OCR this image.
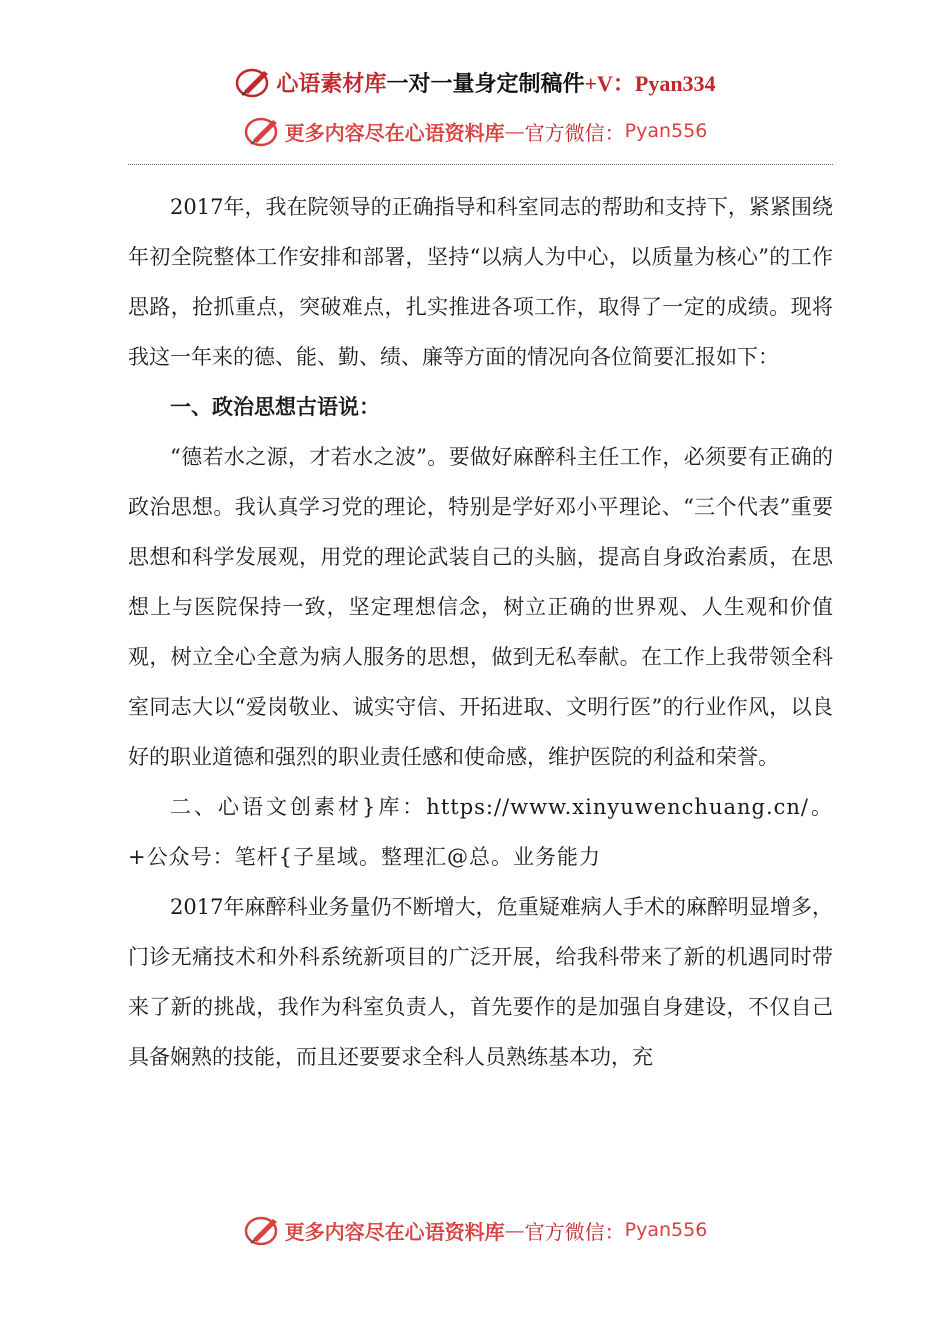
心语素材库 一对一量身定制稿件 +V：Pyan334
更多内容尽在心语资料库 — 官方微信： Pyan556

2017年，我在院领导的正确指导和科室同志的帮助和支持下，紧紧围绕年初全院整体工作安排和部署，坚持“以病人为中心，以质量为核心”的工作思路，抢抓重点，突破难点，扎实推进各项工作，取得了一定的成绩。现将我这一年来的德、能、勤、绩、廉等方面的情况向各位简要汇报如下：

一、政治思想古语说：

“德若水之源，才若水之波”。要做好麻醉科主任工作，必须要有正确的政治思想。我认真学习党的理论，特别是学好邓小平理论、“三个代表”重要思想和科学发展观，用党的理论武装自己的头脑，提高自身政治素质，在思想上与医院保持一致，坚定理想信念，树立正确的世界观、人生观和价值观，树立全心全意为病人服务的思想，做到无私奉献。在工作上我带领全科室同志大以“爱岗敬业、诚实守信、开拓进取、文明行医”的行业作风，以良好的职业道德和强烈的职业责任感和使命感，维护医院的利益和荣誉。

二、心语文创素材}库：https://www.xinyuwenchuang.cn/。+公众号：笔杆{子星域。整理汇@总。业务能力

2017年麻醉科业务量仍不断增大，危重疑难病人手术的麻醉明显增多，门诊无痛技术和外科系统新项目的广泛开展，给我科带来了新的机遇同时带来了新的挑战，我作为科室负责人，首先要作的是加强自身建设，不仅自己具备娴熟的技能，而且还要要求全科人员熟练基本功，充

更多内容尽在心语资料库 — 官方微信： Pyan556
